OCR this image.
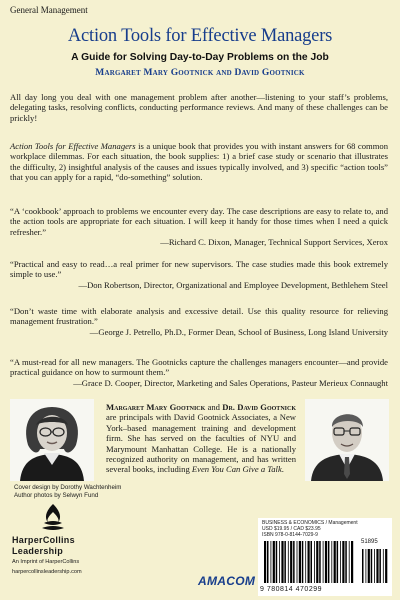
General Management
Action Tools for Effective Managers
A Guide for Solving Day-to-Day Problems on the Job
Margaret Mary Gootnick and David Gootnick

All day long you deal with one management problem after another—listening to your staff’s problems, delegating tasks, resolving conflicts, conducting performance reviews. And many of these challenges can be prickly!

Action Tools for Effective Managers is a unique book that provides you with instant answers for 68 common workplace dilemmas. For each situation, the book supplies: 1) a brief case study or scenario that illustrates the difficulty, 2) insightful analysis of the causes and issues typically involved, and 3) specific “action tools” that you can apply for a rapid, “do-something” solution.

“A ‘cookbook’ approach to problems we encounter every day. The case descriptions are easy to relate to, and the action tools are appropriate for each situation. I will keep it handy for those times when I need a quick refresher.”

—Richard C. Dixon, Manager, Technical Support Services, Xerox

“Practical and easy to read…a real primer for new supervisors. The case studies made this book extremely simple to use.”

—Don Robertson, Director, Organizational and Employee Development, Bethlehem Steel

“Don’t waste time with elaborate analysis and excessive detail. Use this quality resource for relieving management frustration.”

—George J. Petrello, Ph.D., Former Dean, School of Business, Long Island University

“A must-read for all new managers. The Gootnicks capture the challenges managers encounter—and provide practical guidance on how to surmount them.”

—Grace D. Cooper, Director, Marketing and Sales Operations, Pasteur Merieux Connaught

Margaret Mary Gootnick and Dr. David Gootnick are principals with David Gootnick Associates, a New York–based management training and development firm. She has served on the faculties of NYU and Marymount Manhattan College. He is a nationally recognized authority on management, and has written several books, including Even You Can Give a Talk.
Cover design by Dorothy Wachtenheim
Author photos by Selwyn Fund
HarperCollins
Leadership
An Imprint of HarperCollins
harpercollinsleadership.com
AMACOM
BUSINESS & ECONOMICS / Management
USD $19.95 / CAD $23.95
ISBN 978-0-8144-7029-9
51895
9 780814 470299
